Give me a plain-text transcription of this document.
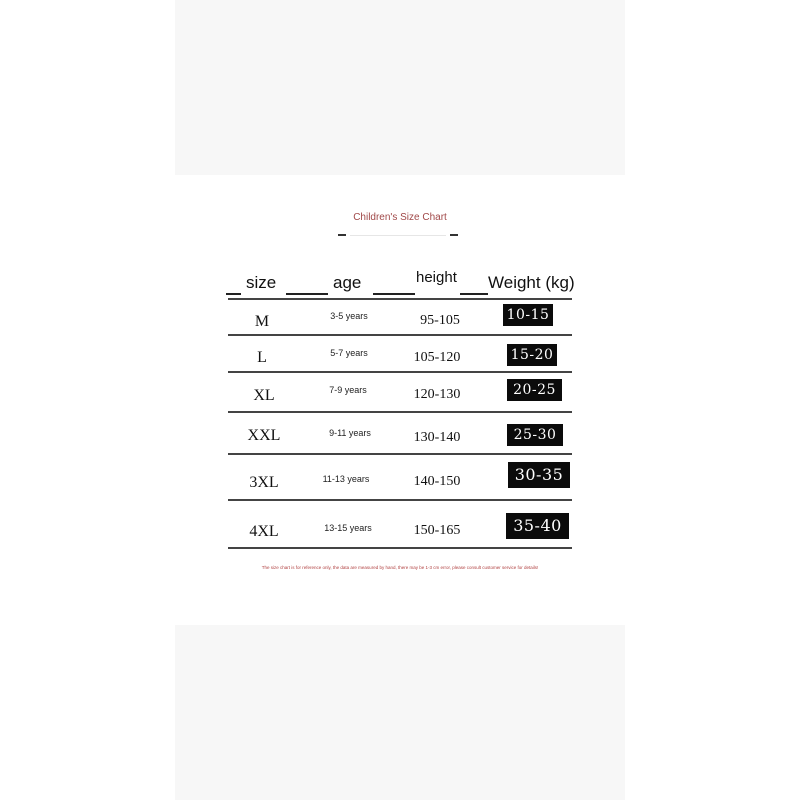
Children's Size Chart
size	age	height Weight (kg)
M	3-5 years	95-105	10-15
L	5-7 years	105-120	15-20
XL	7-9 years	120-130	20-25
XXL	9-11 years	130-140	25-30
3XL	11-13 years	140-150	30-35
4XL	13-15 years	150-165	35-40
The size chart is for reference only, the data are measured by hand, there may be 1-3 cm error, please consult customer service for details!
